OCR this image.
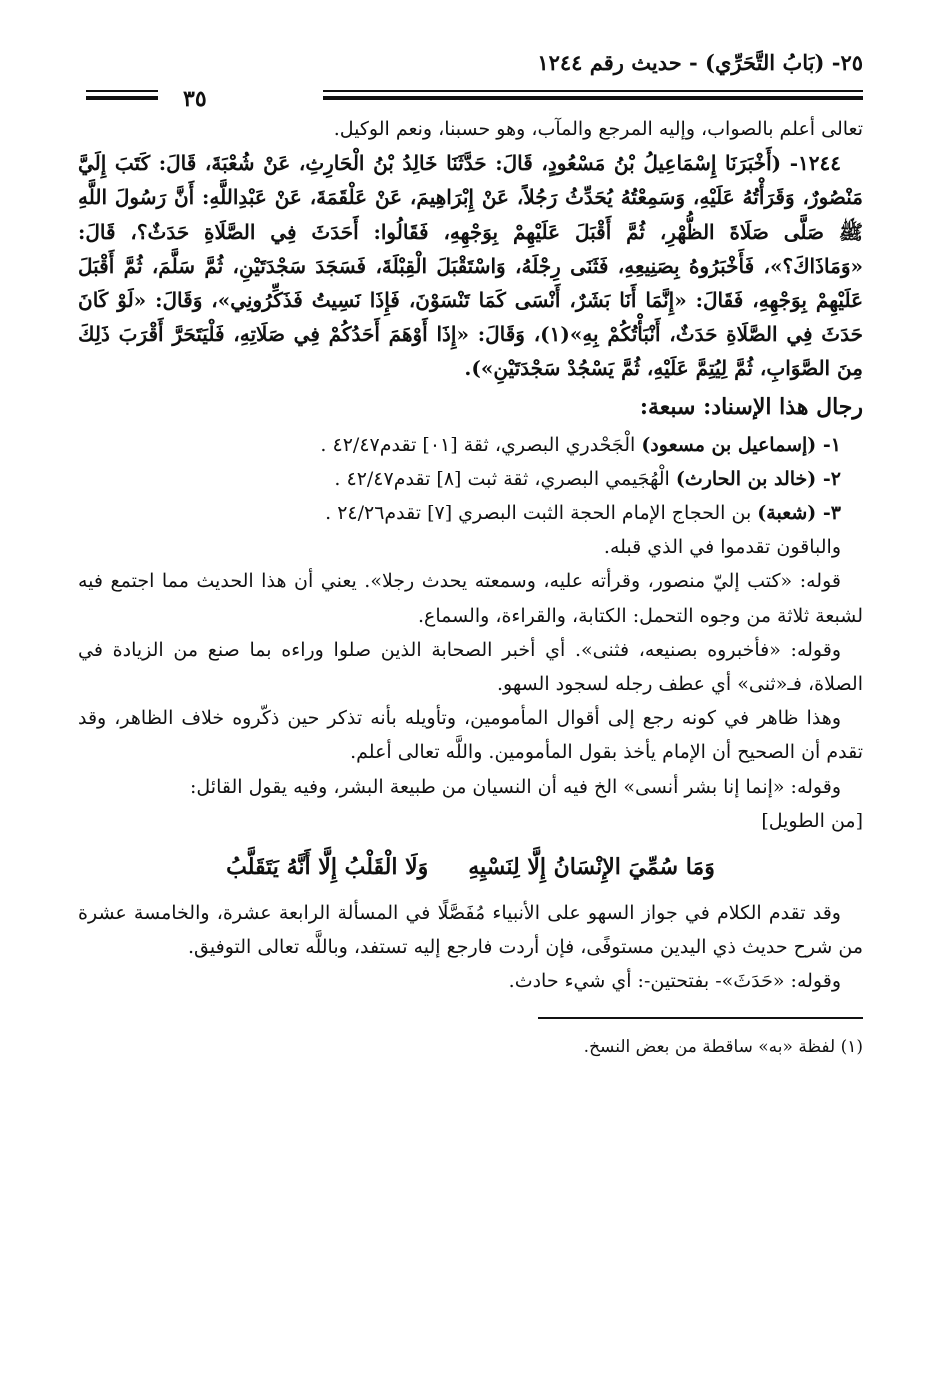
٢٥- (بَابُ التَّحَرِّي) - حديث رقم ١٢٤٤
٣٥

تعالى أعلم بالصواب، وإليه المرجع والمآب، وهو حسبنا، ونعم الوكيل.

١٢٤٤- (أَخْبَرَنَا إِسْمَاعِيلُ بْنُ مَسْعُودٍ، قَالَ: حَدَّثَنَا خَالِدُ بْنُ الْحَارِثِ، عَنْ شُعْبَةَ، قَالَ: كَتَبَ إِلَيَّ مَنْصُورٌ، وَقَرَأْتُهُ عَلَيْهِ، وَسَمِعْتُهُ يُحَدِّثُ رَجُلاً، عَنْ إِبْرَاهِيمَ، عَنْ عَلْقَمَةَ، عَنْ عَبْدِاللَّهِ: أَنَّ رَسُولَ اللَّهِ ﷺ صَلَّى صَلَاةَ الظُّهْرِ، ثُمَّ أَقْبَلَ عَلَيْهِمْ بِوَجْهِهِ، فَقَالُوا: أَحَدَثَ فِي الصَّلَاةِ حَدَثٌ؟، قَالَ: «وَمَاذَاكَ؟»، فَأَخْبَرُوهُ بِصَنِيعِهِ، فَثَنَى رِجْلَهُ، وَاسْتَقْبَلَ الْقِبْلَةَ، فَسَجَدَ سَجْدَتَيْنِ، ثُمَّ سَلَّمَ، ثُمَّ أَقْبَلَ عَلَيْهِمْ بِوَجْهِهِ، فَقَالَ: «إِنَّمَا أَنَا بَشَرٌ، أَنْسَى كَمَا تَنْسَوْنَ، فَإِذَا نَسِيتُ فَذَكِّرُونِي»، وَقَالَ: «لَوْ كَانَ حَدَثَ فِي الصَّلَاةِ حَدَثٌ، أَنْبَأْتُكُمْ بِهِ»(١)، وَقَالَ: «إِذَا أَوْهَمَ أَحَدُكُمْ فِي صَلَاتِهِ، فَلْيَتَحَرَّ أَقْرَبَ ذَلِكَ مِنَ الصَّوَابِ، ثُمَّ لِيُتِمَّ عَلَيْهِ، ثُمَّ يَسْجُدْ سَجْدَتَيْنِ»).

رجال هذا الإسناد: سبعة:
١- (إسماعيل بن مسعود) الْجَحْدري البصري، ثقة [٠١] تقدم٤٢/٤٧ .
٢- (خالد بن الحارث) الْهُجَيمي البصري، ثقة ثبت [٨] تقدم٤٢/٤٧ .
٣- (شعبة) بن الحجاج الإمام الحجة الثبت البصري [٧] تقدم٢٤/٢٦ .
والباقون تقدموا في الذي قبله.

قوله: «كتب إليّ منصور، وقرأته عليه، وسمعته يحدث رجلا». يعني أن هذا الحديث مما اجتمع فيه لشبعة ثلاثة من وجوه التحمل: الكتابة، والقراءة، والسماع.

وقوله: «فأخبروه بصنيعه، فثنى». أي أخبر الصحابة الذين صلوا وراءه بما صنع من الزيادة في الصلاة، فـ«ثنى» أي عطف رجله لسجود السهو.

وهذا ظاهر في كونه رجع إلى أقوال المأمومين، وتأويله بأنه تذكر حين ذكّروه خلاف الظاهر، وقد تقدم أن الصحيح أن الإمام يأخذ بقول المأمومين. واللَّه تعالى أعلم.

وقوله: «إنما إنا بشر أنسى» الخ فيه أن النسيان من طبيعة البشر، وفيه يقول القائل:

[من الطويل]

وَمَا سُمِّيَ الإِنْسَانُ إِلَّا لِنَسْيِهِ
وَلَا الْقَلْبُ إِلَّا أَنَّهُ يَتَقَلَّبُ

وقد تقدم الكلام في جواز السهو على الأنبياء مُفَصَّلًا في المسألة الرابعة عشرة، والخامسة عشرة من شرح حديث ذي اليدين مستوفًى، فإن أردت فارجع إليه تستفد، وباللَّه تعالى التوفيق.

وقوله: «حَدَثَ»- بفتحتين-: أي شيء حادث.

(١) لفظة «به» ساقطة من بعض النسخ.
